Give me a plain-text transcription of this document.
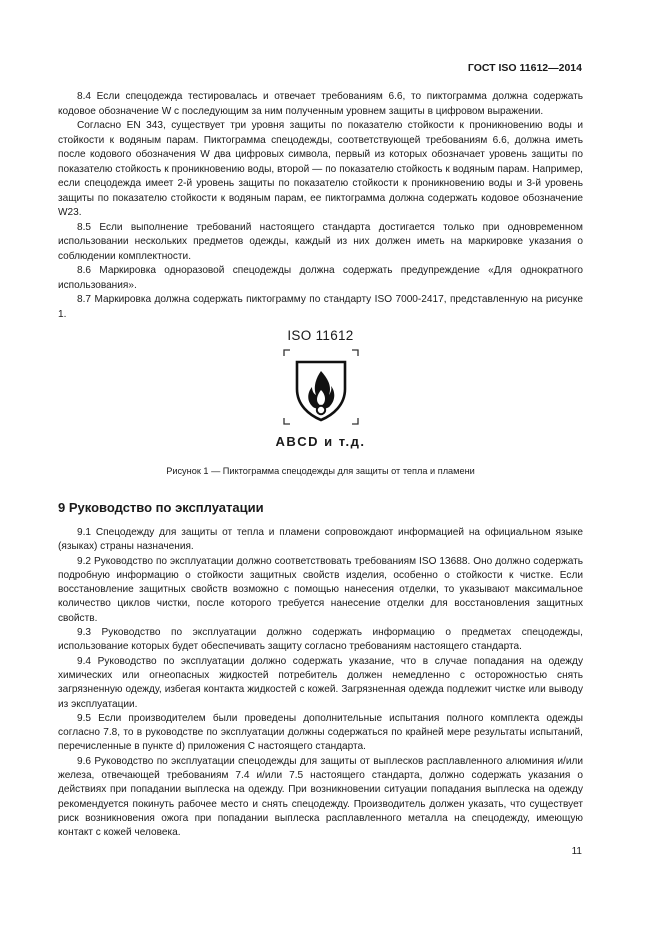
ГОСТ ISO 11612—2014

8.4 Если спецодежда тестировалась и отвечает требованиям 6.6, то пиктограмма должна содержать кодовое обозначение W с последующим за ним полученным уровнем защиты в цифровом выражении.

Согласно EN 343, существует три уровня защиты по показателю стойкости к проникновению воды и стойкости к водяным парам. Пиктограмма спецодежды, соответствующей требованиям 6.6, должна иметь после кодового обозначения W два цифровых символа, первый из которых обозначает уровень защиты по показателю стойкость к проникновению воды, второй — по показателю стойкость к водяным парам. Например, если спецодежда имеет 2-й уровень защиты по показателю стойкости к проникновению воды и 3-й уровень защиты по показателю стойкости к водяным парам, ее пиктограмма должна содержать кодовое обозначение W23.

8.5 Если выполнение требований настоящего стандарта достигается только при одновременном использовании нескольких предметов одежды, каждый из них должен иметь на маркировке указания о соблюдении комплектности.

8.6 Маркировка одноразовой спецодежды должна содержать предупреждение «Для однократного использования».

8.7 Маркировка должна содержать пиктограмму по стандарту ISO 7000-2417, представленную на рисунке 1.

ISO 11612
ABCD и т.д.
Рисунок 1 — Пиктограмма спецодежды для защиты от тепла и пламени
9 Руководство по эксплуатации

9.1 Спецодежду для защиты от тепла и пламени сопровождают информацией на официальном языке (языках) страны назначения.

9.2 Руководство по эксплуатации должно соответствовать требованиям ISO 13688. Оно должно содержать подробную информацию о стойкости защитных свойств изделия, особенно о стойкости к чистке. Если восстановление защитных свойств возможно с помощью нанесения отделки, то указывают максимальное количество циклов чистки, после которого требуется нанесение отделки для восстановления защитных свойств.

9.3 Руководство по эксплуатации должно содержать информацию о предметах спецодежды, использование которых будет обеспечивать защиту согласно требованиям настоящего стандарта.

9.4 Руководство по эксплуатации должно содержать указание, что в случае попадания на одежду химических или огнеопасных жидкостей потребитель должен немедленно с осторожностью снять загрязненную одежду, избегая контакта жидкостей с кожей. Загрязненная одежда подлежит чистке или выводу из эксплуатации.

9.5 Если производителем были проведены дополнительные испытания полного комплекта одежды согласно 7.8, то в руководстве по эксплуатации должны содержаться по крайней мере результаты испытаний, перечисленные в пункте d) приложения С настоящего стандарта.

9.6 Руководство по эксплуатации спецодежды для защиты от выплесков расплавленного алюминия и/или железа, отвечающей требованиям 7.4 и/или 7.5 настоящего стандарта, должно содержать указания о действиях при попадании выплеска на одежду. При возникновении ситуации попадания выплеска на одежду рекомендуется покинуть рабочее место и снять спецодежду. Производитель должен указать, что существует риск возникновения ожога при попадании выплеска расплавленного металла на спецодежду, имеющую контакт с кожей человека.

11
